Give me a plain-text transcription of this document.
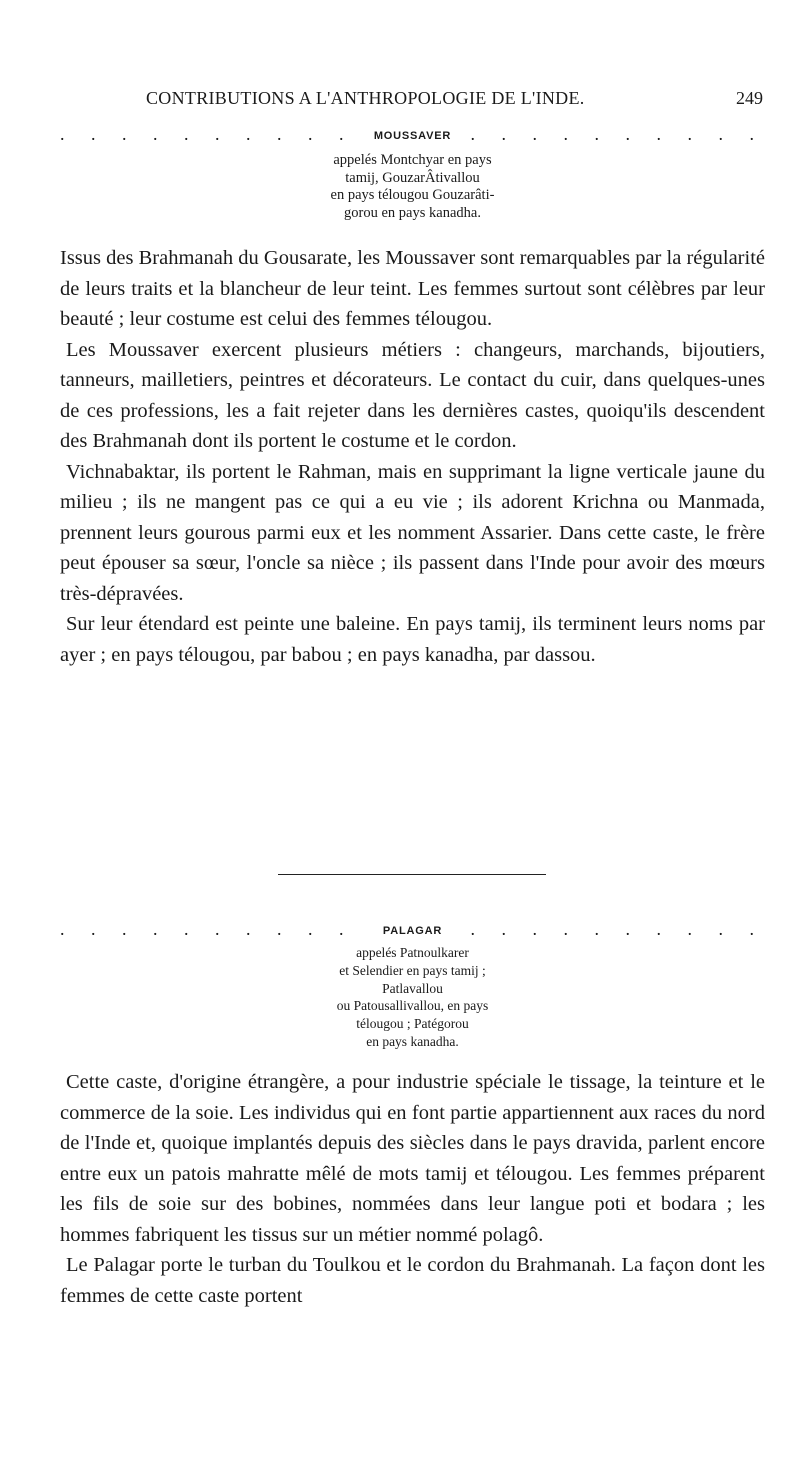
CONTRIBUTIONS A L'ANTHROPOLOGIE DE L'INDE.	249
. . . . . . . . . .	MOUSSAVER	. . . . . . . . . .
appelés Montchyar en pays
tamij, GouzarÂtivallou
en pays télougou Gouzarâti-
gorou en pays kanadha.

Issus des Brahmanah du Gousarate, les Moussaver sont remarquables par la régularité de leurs traits et la blancheur de leur teint. Les femmes surtout sont célèbres par leur beauté ; leur costume est celui des femmes télougou.

Les Moussaver exercent plusieurs métiers : changeurs, marchands, bijoutiers, tanneurs, mailletiers, peintres et décorateurs. Le contact du cuir, dans quelques-unes de ces professions, les a fait rejeter dans les dernières castes, quoiqu'ils descendent des Brahmanah dont ils portent le costume et le cordon.

Vichnabaktar, ils portent le Rahman, mais en supprimant la ligne verticale jaune du milieu ; ils ne mangent pas ce qui a eu vie ; ils adorent Krichna ou Manmada, prennent leurs gourous parmi eux et les nomment Assarier. Dans cette caste, le frère peut épouser sa sœur, l'oncle sa nièce ; ils passent dans l'Inde pour avoir des mœurs très-dépravées.

Sur leur étendard est peinte une baleine. En pays tamij, ils terminent leurs noms par ayer ; en pays télougou, par babou ; en pays kanadha, par dassou.

. . . . . . . . . .	PALAGAR	. . . . . . . . . .
appelés Patnoulkarer
et Selendier en pays tamij ;
Patlavallou
ou Patousallivallou, en pays
télougou ; Patégorou
en pays kanadha.

Cette caste, d'origine étrangère, a pour industrie spéciale le tissage, la teinture et le commerce de la soie. Les individus qui en font partie appartiennent aux races du nord de l'Inde et, quoique implantés depuis des siècles dans le pays dravida, parlent encore entre eux un patois mahratte mêlé de mots tamij et télougou. Les femmes préparent les fils de soie sur des bobines, nommées dans leur langue poti et bodara ; les hommes fabriquent les tissus sur un métier nommé polagô.

Le Palagar porte le turban du Toulkou et le cordon du Brahmanah. La façon dont les femmes de cette caste portent
